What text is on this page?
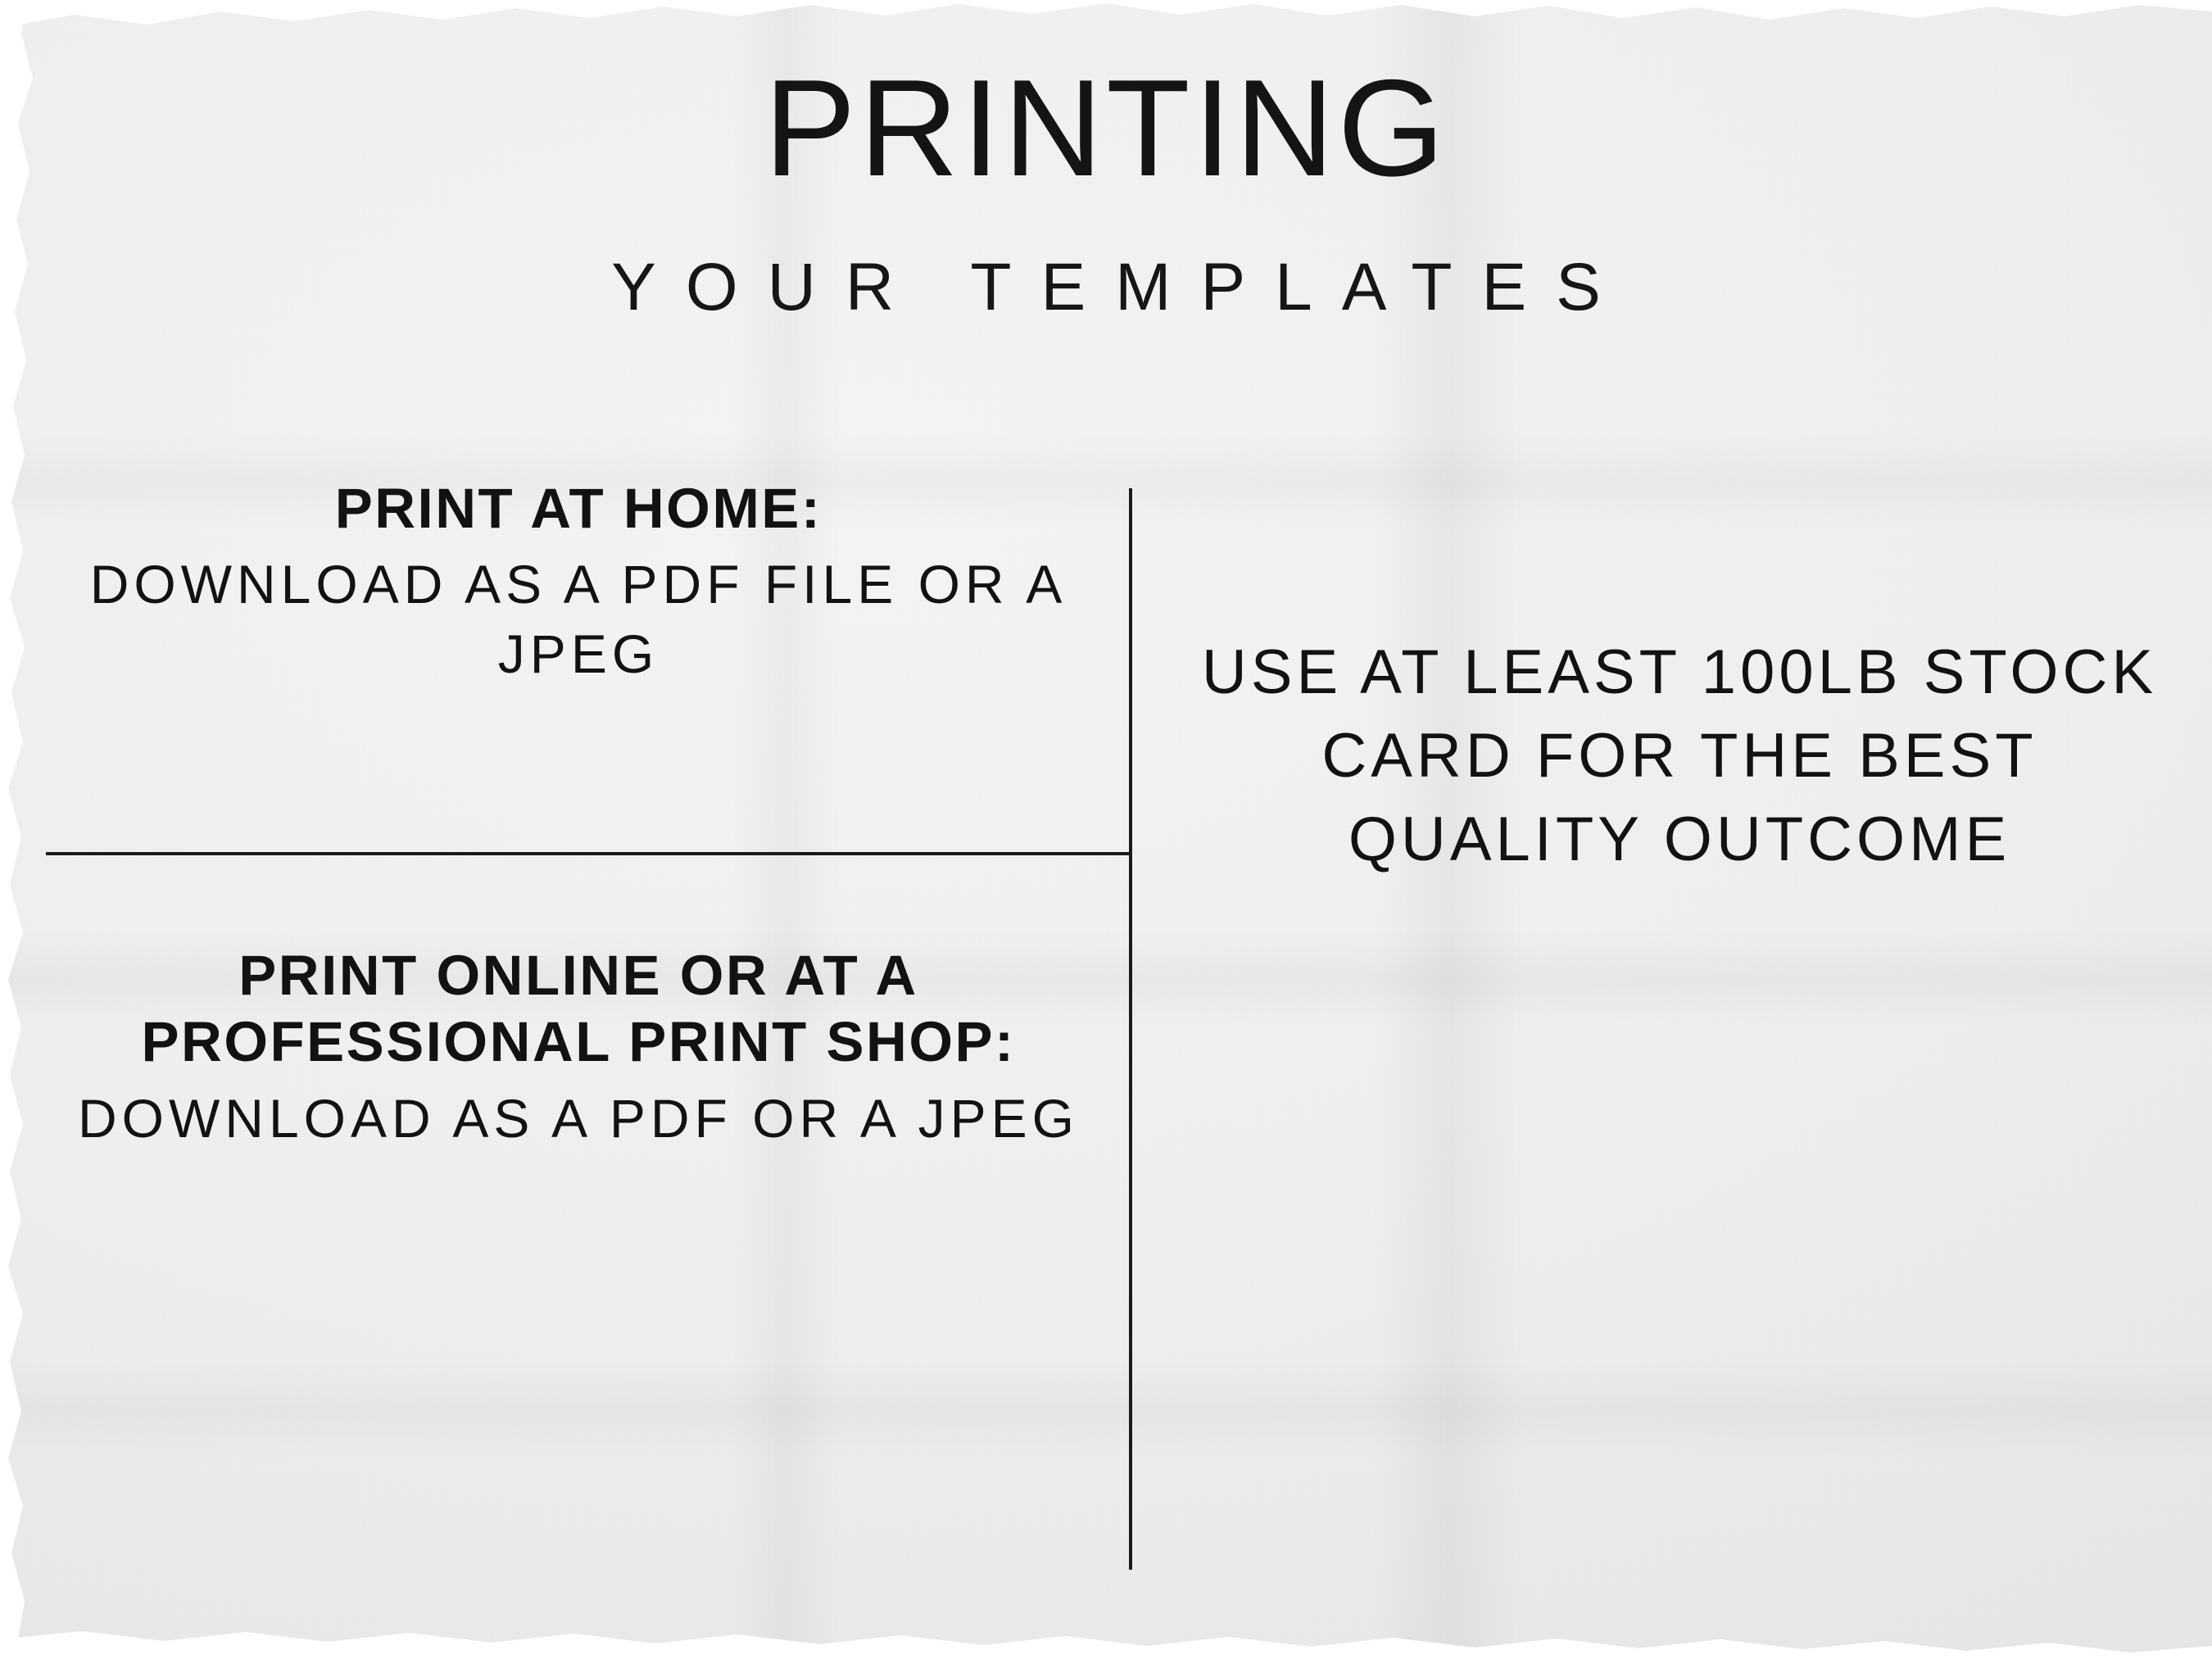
PRINTING
YOUR TEMPLATES

PRINT AT HOME:

DOWNLOAD AS A PDF FILE OR A JPEG

PRINT ONLINE OR AT A PROFESSIONAL PRINT SHOP:

DOWNLOAD AS A PDF OR A JPEG

USE AT LEAST 100LB STOCK CARD FOR THE BEST QUALITY OUTCOME
